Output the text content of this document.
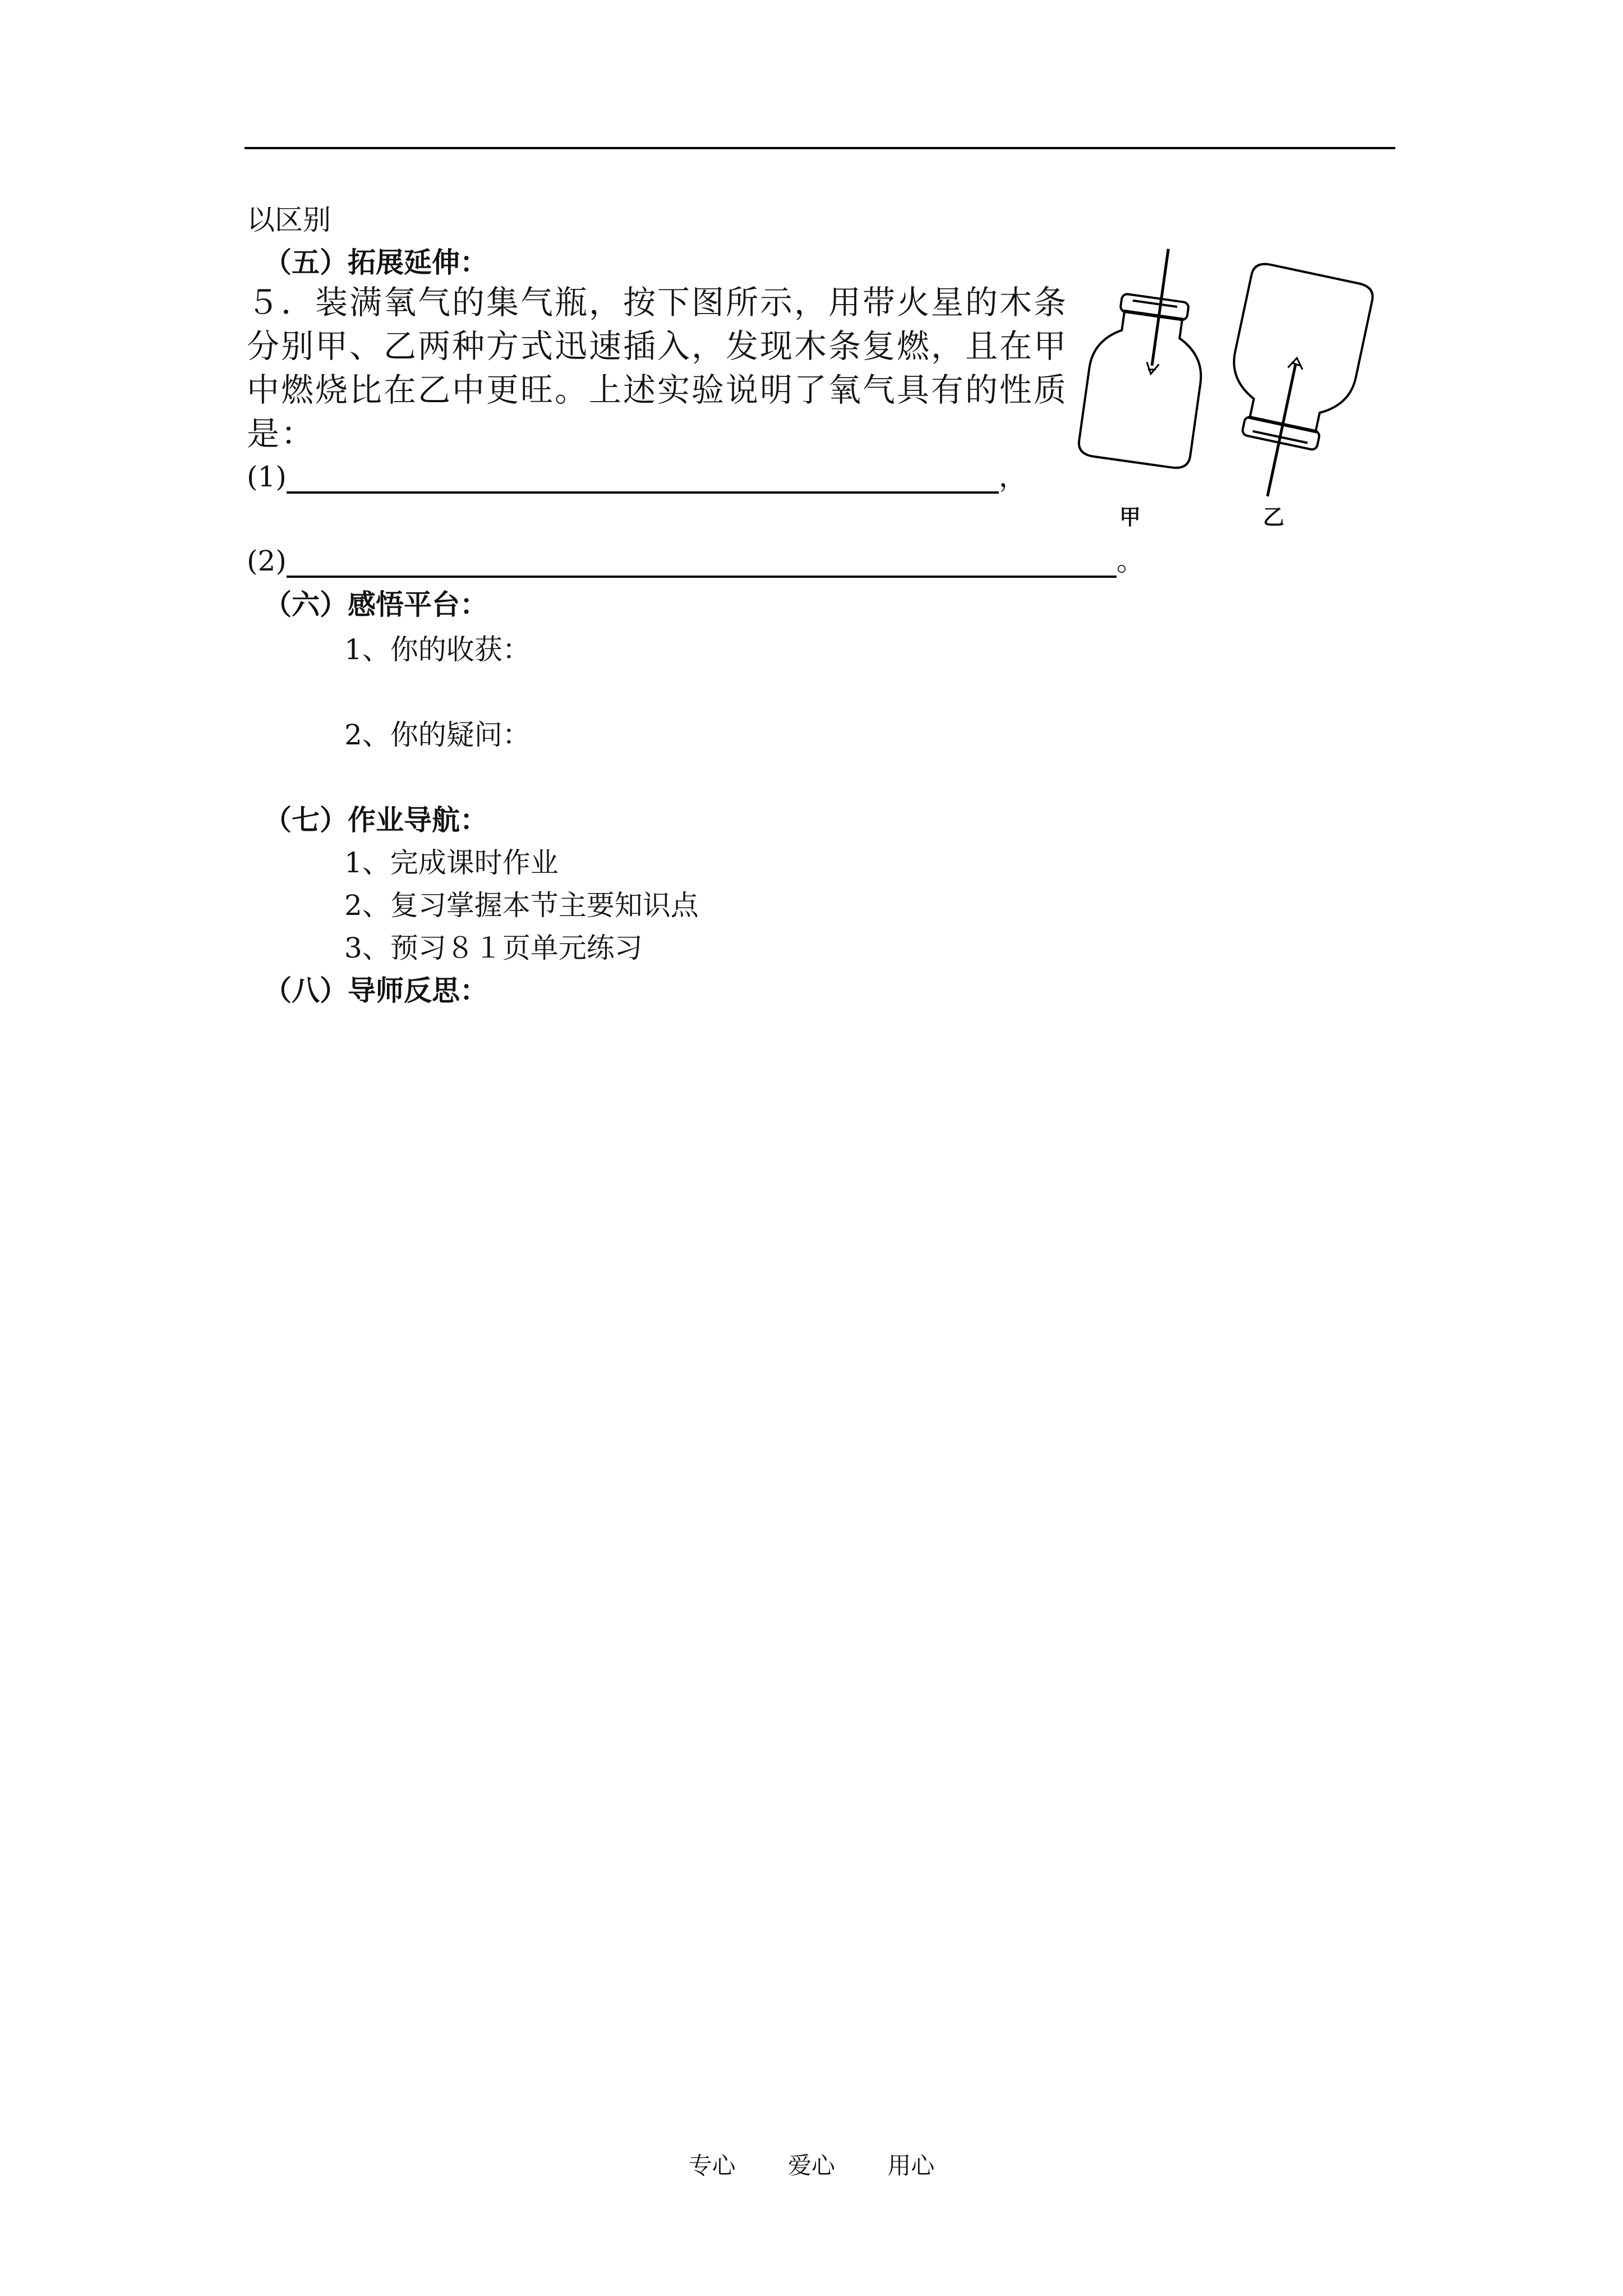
以区别
（五）拓展延伸：
５．装满氧气的集气瓶，按下图所示，用带火星的木条
分别甲、乙两种方式迅速插入，发现木条复燃，且在甲
中燃烧比在乙中更旺。上述实验说明了氧气具有的性质
是：
(1)	，
(2)	。
甲	乙
（六）感悟平台：
1、你的收获：
2、你的疑问：
（七）作业导航：
1、完成课时作业
2、复习掌握本节主要知识点
3、预习８１页单元练习
（八）导师反思：
专心 爱心 用心
